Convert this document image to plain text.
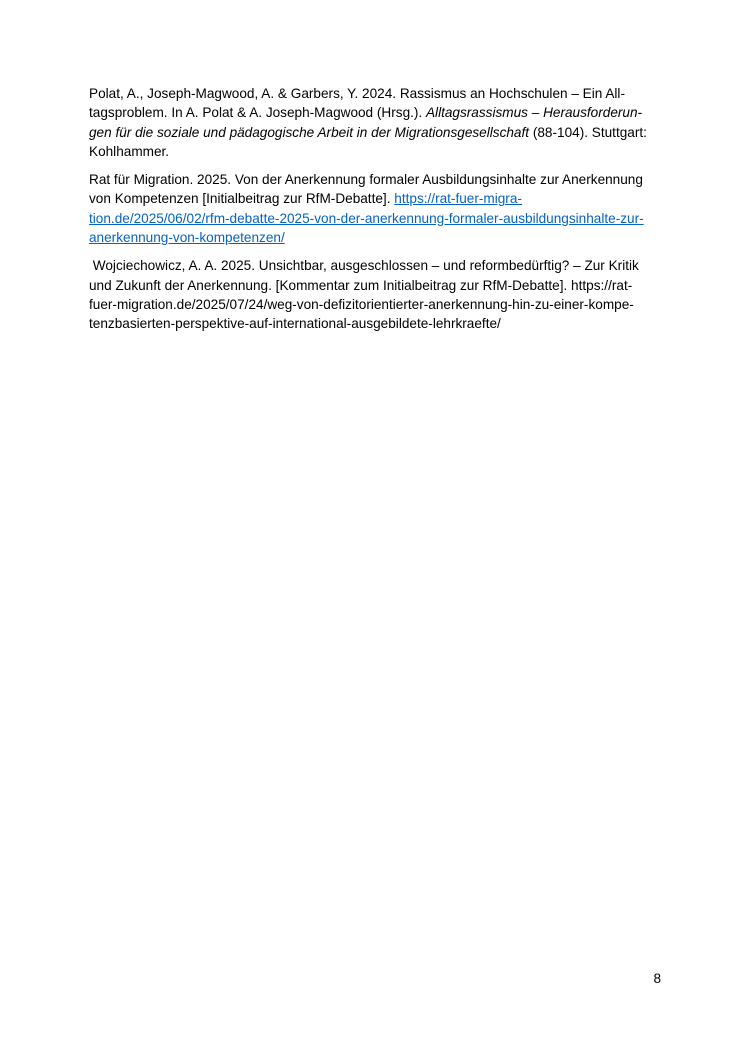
Polat, A., Joseph-Magwood, A. & Garbers, Y. 2024. Rassismus an Hochschulen – Ein All-
tagsproblem. In A. Polat & A. Joseph-Magwood (Hrsg.). Alltagsrassismus – Herausforderun-
gen für die soziale und pädagogische Arbeit in der Migrationsgesellschaft (88-104). Stuttgart:
Kohlhammer.

Rat für Migration. 2025. Von der Anerkennung formaler Ausbildungsinhalte zur Anerkennung
von Kompetenzen [Initialbeitrag zur RfM-Debatte]. https://rat-fuer-migra-
tion.de/2025/06/02/rfm-debatte-2025-von-der-anerkennung-formaler-ausbildungsinhalte-zur-
anerkennung-von-kompetenzen/

Wojciechowicz, A. A. 2025. Unsichtbar, ausgeschlossen – und reformbedürftig? – Zur Kritik
und Zukunft der Anerkennung. [Kommentar zum Initialbeitrag zur RfM-Debatte]. https://rat-
fuer-migration.de/2025/07/24/weg-von-defizitorientierter-anerkennung-hin-zu-einer-kompe-
tenzbasierten-perspektive-auf-international-ausgebildete-lehrkraefte/

8
